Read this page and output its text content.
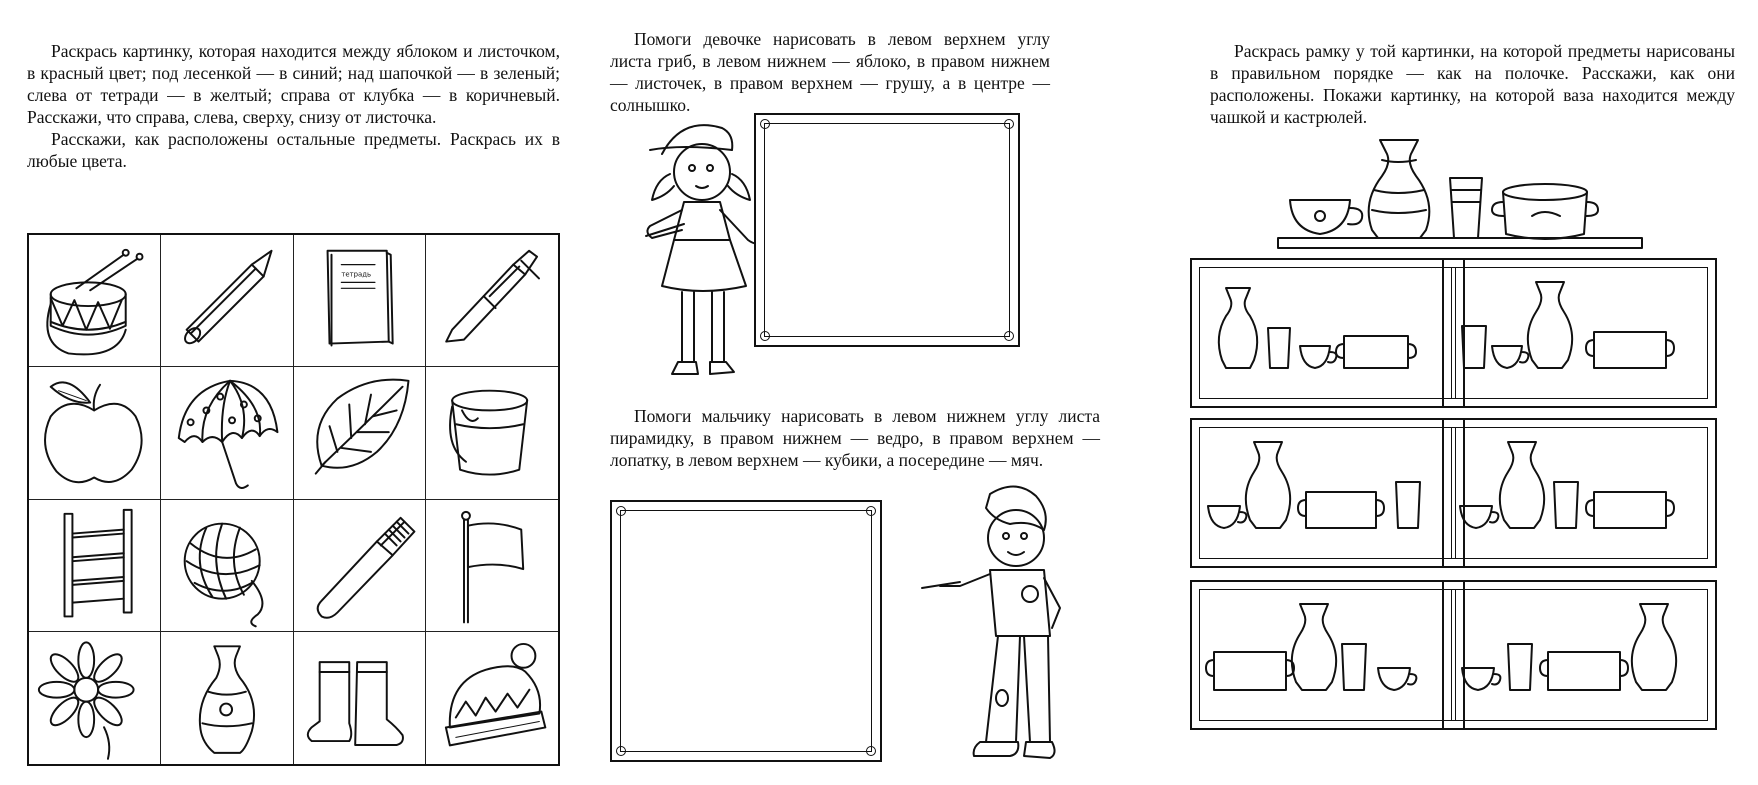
Раскрась картинку, которая находится между яблоком и листочком, в красный цвет; под лесенкой — в синий; над шапочкой — в зеленый; слева от тетради — в желтый; справа от клубка — в коричневый. Расскажи, что справа, слева, сверху, снизу от листочка.

Расскажи, как расположены остальные предметы. Раскрась их в любые цвета.

тетрадь
Помоги девочке нарисовать в левом верхнем углу листа гриб, в левом нижнем — яблоко, в правом нижнем — листочек, в правом верхнем — грушу, а в центре — солнышко.
Помоги мальчику нарисовать в левом нижнем углу листа пирамидку, в правом нижнем — ведро, в правом верхнем — лопатку, в левом верхнем — кубики, а посередине — мяч.
Раскрась рамку у той картинки, на которой предметы нарисованы в правильном порядке — как на полочке. Расскажи, как они расположены. Покажи картинку, на которой ваза находится между чашкой и кастрюлей.
